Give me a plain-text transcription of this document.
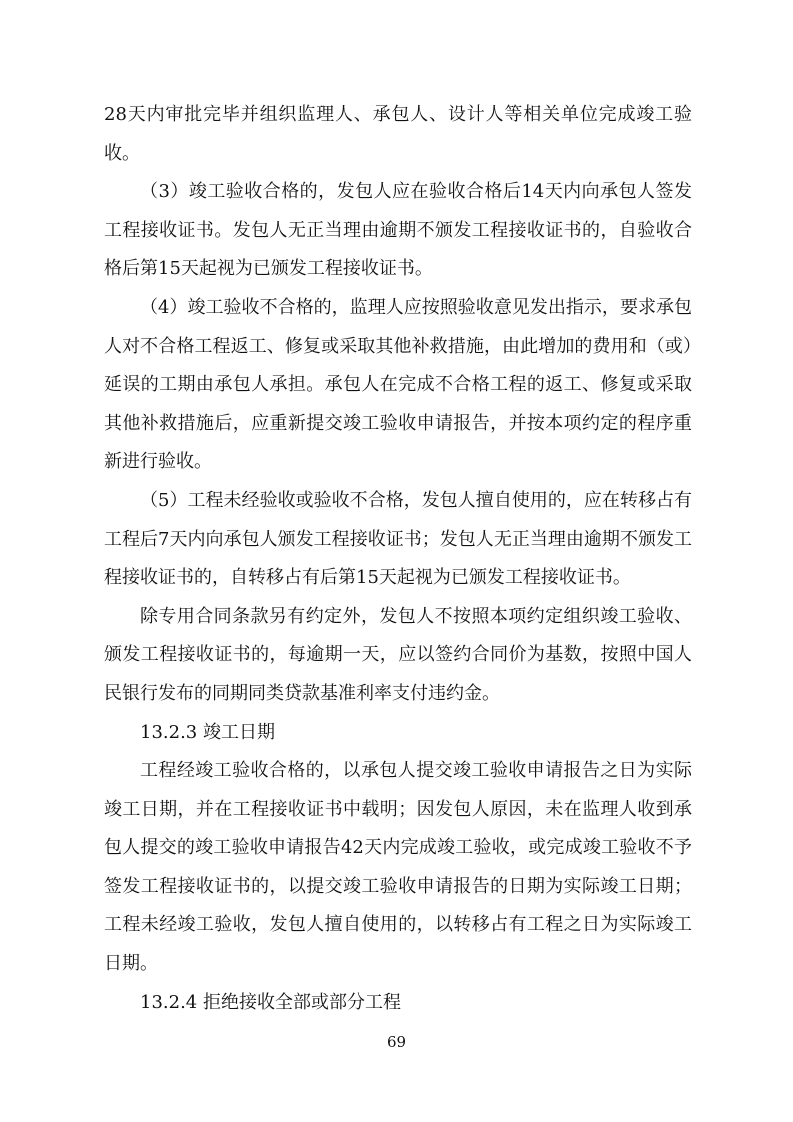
28天内审批完毕并组织监理人、承包人、设计人等相关单位完成竣工验收。

（3）竣工验收合格的，发包人应在验收合格后14天内向承包人签发工程接收证书。发包人无正当理由逾期不颁发工程接收证书的，自验收合格后第15天起视为已颁发工程接收证书。

（4）竣工验收不合格的，监理人应按照验收意见发出指示，要求承包人对不合格工程返工、修复或采取其他补救措施，由此增加的费用和（或）延误的工期由承包人承担。承包人在完成不合格工程的返工、修复或采取其他补救措施后，应重新提交竣工验收申请报告，并按本项约定的程序重新进行验收。

（5）工程未经验收或验收不合格，发包人擅自使用的，应在转移占有工程后7天内向承包人颁发工程接收证书；发包人无正当理由逾期不颁发工程接收证书的，自转移占有后第15天起视为已颁发工程接收证书。

除专用合同条款另有约定外，发包人不按照本项约定组织竣工验收、颁发工程接收证书的，每逾期一天，应以签约合同价为基数，按照中国人民银行发布的同期同类贷款基准利率支付违约金。

13.2.3 竣工日期

工程经竣工验收合格的，以承包人提交竣工验收申请报告之日为实际竣工日期，并在工程接收证书中载明；因发包人原因，未在监理人收到承包人提交的竣工验收申请报告42天内完成竣工验收，或完成竣工验收不予签发工程接收证书的，以提交竣工验收申请报告的日期为实际竣工日期；工程未经竣工验收，发包人擅自使用的，以转移占有工程之日为实际竣工日期。

13.2.4 拒绝接收全部或部分工程

69
